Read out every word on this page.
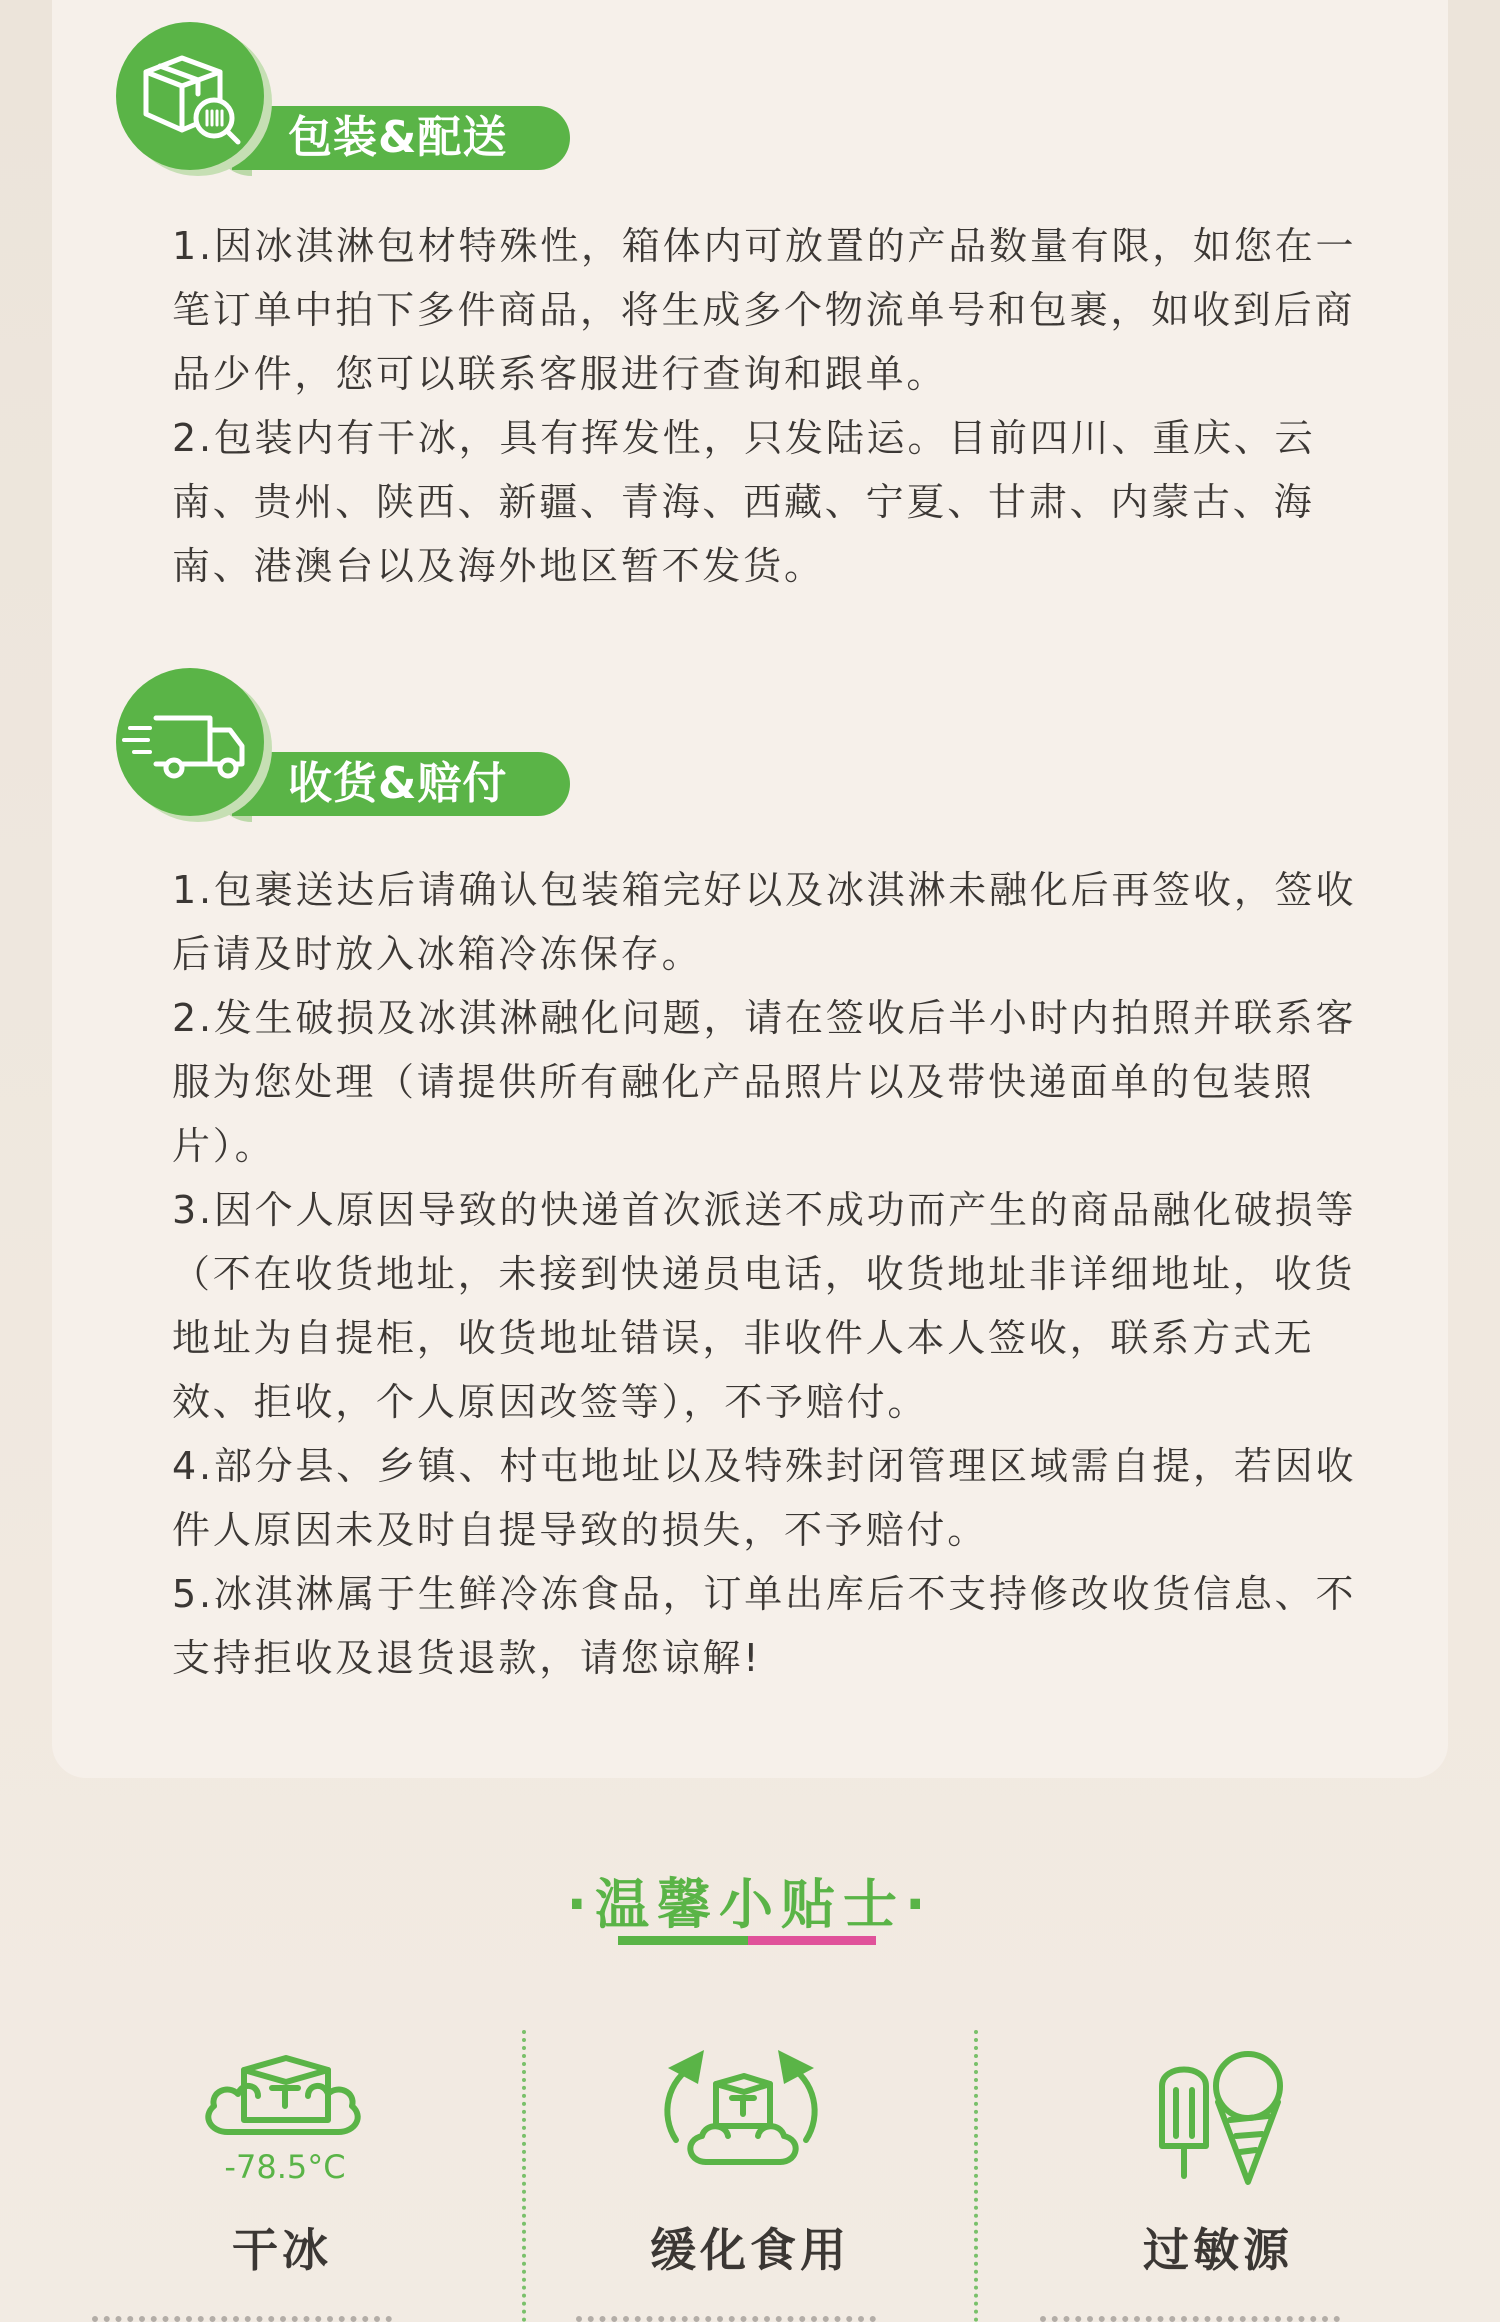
包装&配送

1.因冰淇淋包材特殊性，箱体内可放置的产品数量有限，如您在一笔订单中拍下多件商品，将生成多个物流单号和包裹，如收到后商品少件，您可以联系客服进行查询和跟单。

2.包装内有干冰，具有挥发性，只发陆运。目前四川、重庆、云南、贵州、陕西、新疆、青海、西藏、宁夏、甘肃、内蒙古、海南、港澳台以及海外地区暂不发货。

收货&赔付

1.包裹送达后请确认包装箱完好以及冰淇淋未融化后再签收，签收后请及时放入冰箱冷冻保存。

2.发生破损及冰淇淋融化问题，请在签收后半小时内拍照并联系客服为您处理（请提供所有融化产品照片以及带快递面单的包装照片）。

3.因个人原因导致的快递首次派送不成功而产生的商品融化破损等（不在收货地址，未接到快递员电话，收货地址非详细地址，收货地址为自提柜，收货地址错误，非收件人本人签收，联系方式无效、拒收，个人原因改签等），不予赔付。

4.部分县、乡镇、村屯地址以及特殊封闭管理区域需自提，若因收件人原因未及时自提导致的损失，不予赔付。

5.冰淇淋属于生鲜冷冻食品，订单出库后不支持修改收货信息、不支持拒收及退货退款，请您谅解!

·温馨小贴士·
-78.5°C
干冰	缓化食用	过敏源
